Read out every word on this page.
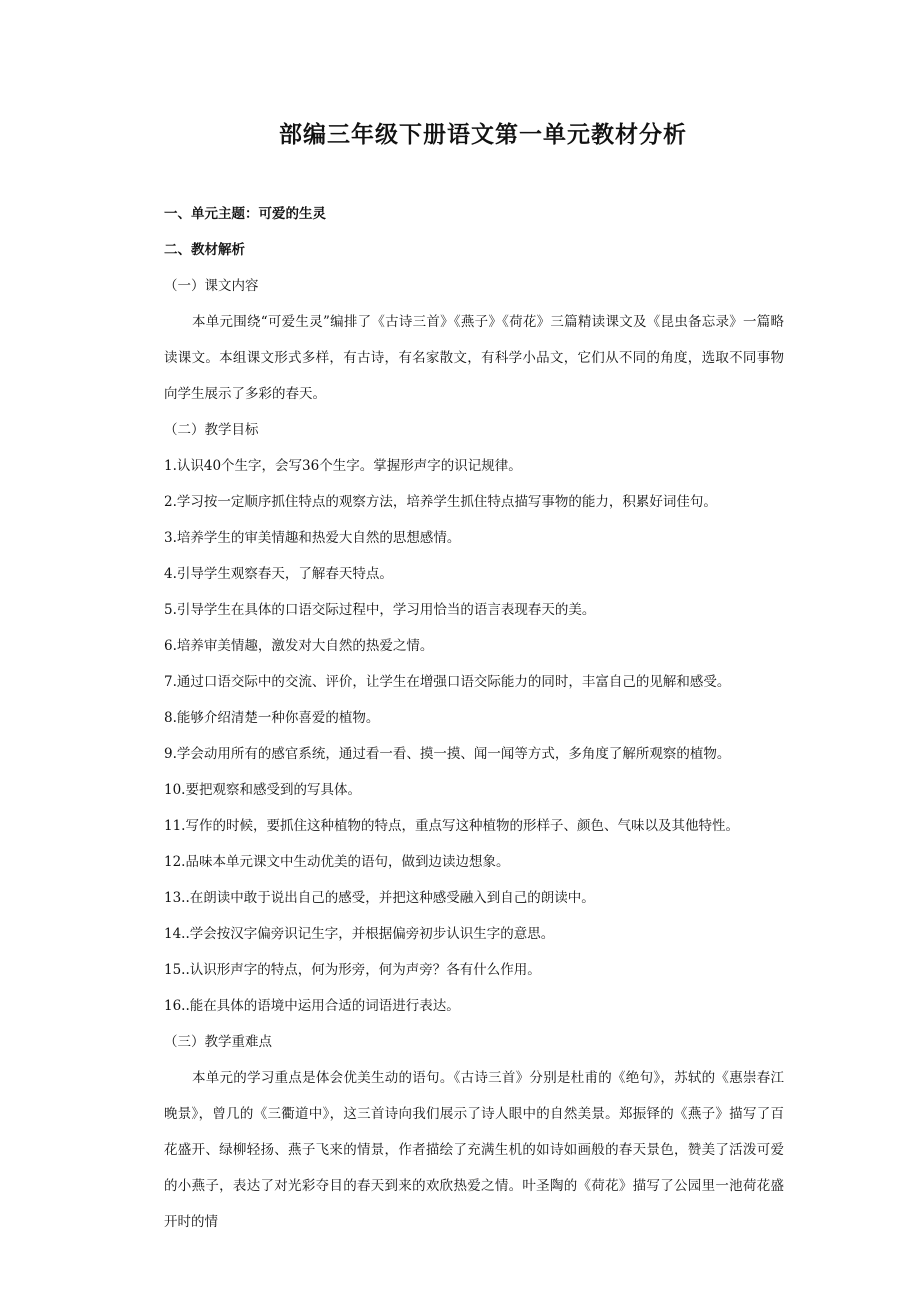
部编三年级下册语文第一单元教材分析

一、单元主题：可爱的生灵

二、教材解析

（一）课文内容

本单元围绕“可爱生灵”编排了《古诗三首》《燕子》《荷花》三篇精读课文及《昆虫备忘录》一篇略读课文。本组课文形式多样，有古诗，有名家散文，有科学小品文，它们从不同的角度，选取不同事物向学生展示了多彩的春天。

（二）教学目标

1.认识40个生字，会写36个生字。掌握形声字的识记规律。

2.学习按一定顺序抓住特点的观察方法，培养学生抓住特点描写事物的能力，积累好词佳句。

3.培养学生的审美情趣和热爱大自然的思想感情。

4.引导学生观察春天，了解春天特点。

5.引导学生在具体的口语交际过程中，学习用恰当的语言表现春天的美。

6.培养审美情趣，激发对大自然的热爱之情。

7.通过口语交际中的交流、评价，让学生在增强口语交际能力的同时，丰富自己的见解和感受。

8.能够介绍清楚一种你喜爱的植物。

9.学会动用所有的感官系统，通过看一看、摸一摸、闻一闻等方式，多角度了解所观察的植物。

10.要把观察和感受到的写具体。

11.写作的时候，要抓住这种植物的特点，重点写这种植物的形样子、颜色、气味以及其他特性。

12.品味本单元课文中生动优美的语句，做到边读边想象。

13..在朗读中敢于说出自己的感受，并把这种感受融入到自己的朗读中。

14..学会按汉字偏旁识记生字，并根据偏旁初步认识生字的意思。

15..认识形声字的特点，何为形旁，何为声旁？各有什么作用。

16..能在具体的语境中运用合适的词语进行表达。

（三）教学重难点

本单元的学习重点是体会优美生动的语句。《古诗三首》分别是杜甫的《绝句》，苏轼的《惠崇春江晚景》，曾几的《三衢道中》，这三首诗向我们展示了诗人眼中的自然美景。郑振铎的《燕子》描写了百花盛开、绿柳轻扬、燕子飞来的情景，作者描绘了充满生机的如诗如画般的春天景色，赞美了活泼可爱的小燕子，表达了对光彩夺目的春天到来的欢欣热爱之情。叶圣陶的《荷花》描写了公园里一池荷花盛开时的情
